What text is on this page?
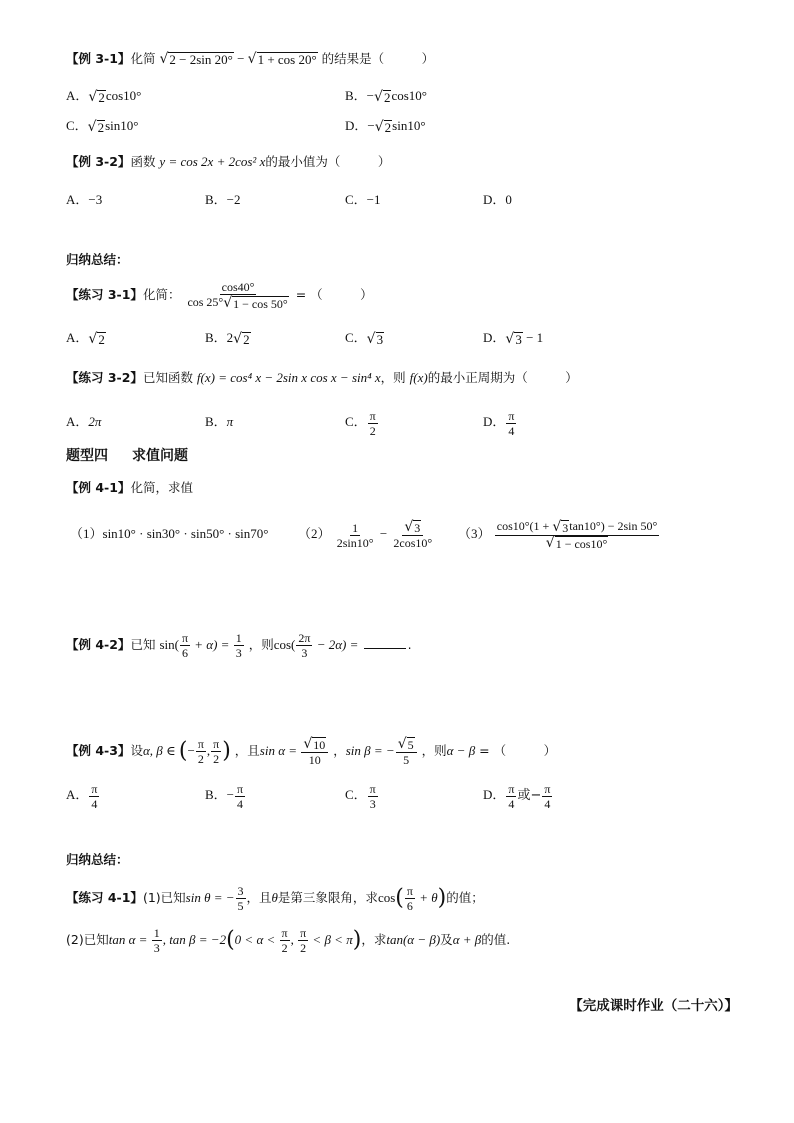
【例 3-1】化简 √ 2 − 2sin 20° − √ 1 + cos 20° 的结果是（　　　）
A． √ 2 cos10°	B．− √ 2 cos10°
C． √ 2 sin10°	D．− √ 2 sin10°
【例 3-2】函数 y = cos 2x + 2cos² x的最小值为（　　　）
A．−3	B．−2	C．−1	D．0
归纳总结：
【练习 3-1】化简： $\frac{\cos 40^\circ}{\cos 25^\circ √ 1 - \cos 50^\circ}$ = （　　　）
A． √ 2	B．2 √ 2	C． √ 3	D． √ 3 − 1
【练习 3-2】已知函数 f(x) = cos⁴ x − 2sin x cos x − sin⁴ x，则 f(x)的最小正周期为（　　　）
A．2π	B．π	C． $\frac{\pi}{2}$	D． $\frac{\pi}{4}$
题型四 求值问题
【例 4-1】化简，求值
（1）sin10° · sin30° · sin50° · sin70° $(2) \frac{1}{2\sin 10^\circ} - \frac{√ 3}{2\cos 10^\circ} (3) \frac{\cos 10^\circ(1 + √ 3 \tan 10^\circ) - 2\sin 50^\circ}{√ 1 - \cos 10^\circ}$
【例 4-2】已知 $\sin( \frac{\pi}{6} + \alpha) = \frac{1}{3}$ ，则$\cos( \frac{2\pi}{3} - 2\alpha)$ =	.
【例 4-3】设α, β ∈ (− $\frac{\pi}{2}$ , $\frac{\pi}{2}$ ) ，且$\sin \alpha = \frac{√ 10}{10}$ ，sin β = − $\frac{√ 5}{5}$ ，则α − β = （　　　）
A． $\frac{\pi}{4}$	B．− $\frac{\pi}{4}$	C． $\frac{\pi}{3}$	D． $\frac{\pi}{4}$ 或− $\frac{\pi}{4}$
归纳总结：
【练习 4-1】(1)已知sin θ = − $\frac{3}{5}$ ，且θ是第三象限角，求$\cos( \frac{\pi}{6} + \theta)$的值；
(2)已知$\tan \alpha = \frac{1}{3}$ , $\tan \beta = -2(0 < \alpha < \frac{\pi}{2}$ , $\frac{\pi}{2} < \beta < \pi$)，求tan(α − β)及α + β的值.
【完成课时作业（二十六）】
